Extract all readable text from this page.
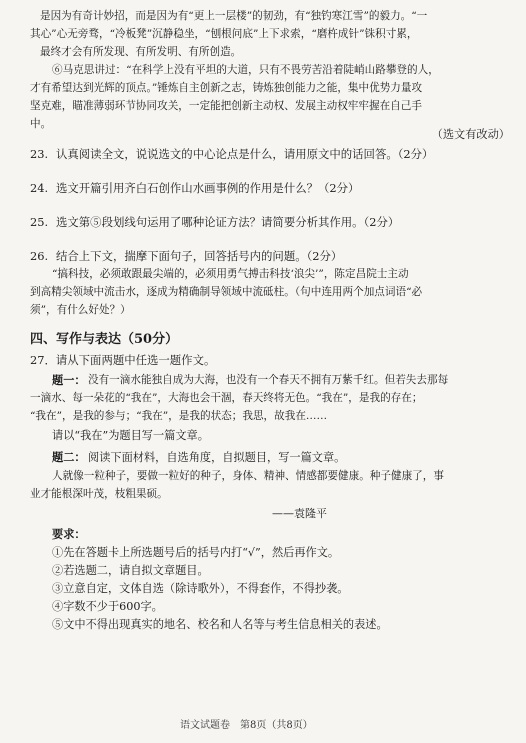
是因为有奇计妙招，而是因为有“更上一层楼”的韧劲，有“独钓寒江雪”的毅力。“一
其心”心无旁骛，“冷板凳”沉静稳坐，“刨根问底”上下求索，“磨杵成针”铢积寸累，
最终才会有所发现、有所发明、有所创造。
⑥马克思讲过：“在科学上没有平坦的大道，只有不畏劳苦沿着陡峭山路攀登的人，
才有希望达到光辉的顶点。”锤炼自主创新之志，铸炼独创能力之能，集中优势力量攻
坚克难，瞄准薄弱环节协同攻关，一定能把创新主动权、发展主动权牢牢握在自己手
中。
（选文有改动）
23. 认真阅读全文，说说选文的中心论点是什么，请用原文中的话回答。（2分）
24. 选文开篇引用齐白石创作山水画事例的作用是什么？（2分）
25. 选文第⑤段划线句运用了哪种论证方法？请简要分析其作用。（2分）
26. 结合上下文，揣摩下面句子，回答括号内的问题。（2分）
“搞科技，必须敢跟最尖端的，必须用勇气搏击科技‘浪尖’”，陈定昌院士主动
到高精尖领域中流击水，逐成为精确制导领域中流砥柱。（句中连用两个加点词语“必
须”，有什么好处？）
四、写作与表达（50分）
27．请从下面两题中任选一题作文。
题一： 没有一滴水能独自成为大海，也没有一个春天不拥有万紫千红。但若失去那每
一滴水、每一朵花的“我在”，大海也会干涸，春天终将无色。“我在”，是我的存在；
“我在”，是我的参与；“我在”，是我的状态；我思，故我在……
请以“我在”为题目写一篇文章。
题二： 阅读下面材料，自选角度，自拟题目，写一篇文章。
人就像一粒种子，要做一粒好的种子，身体、精神、情感都要健康。种子健康了，事
业才能根深叶茂，枝粗果硕。
——袁隆平
要求：
①先在答题卡上所选题号后的括号内打“√”，然后再作文。
②若选题二，请自拟文章题目。
③立意自定，文体自选（除诗歌外），不得套作，不得抄袭。
④字数不少于600字。
⑤文中不得出现真实的地名、校名和人名等与考生信息相关的表述。
语文试题卷　第8页（共8页）
